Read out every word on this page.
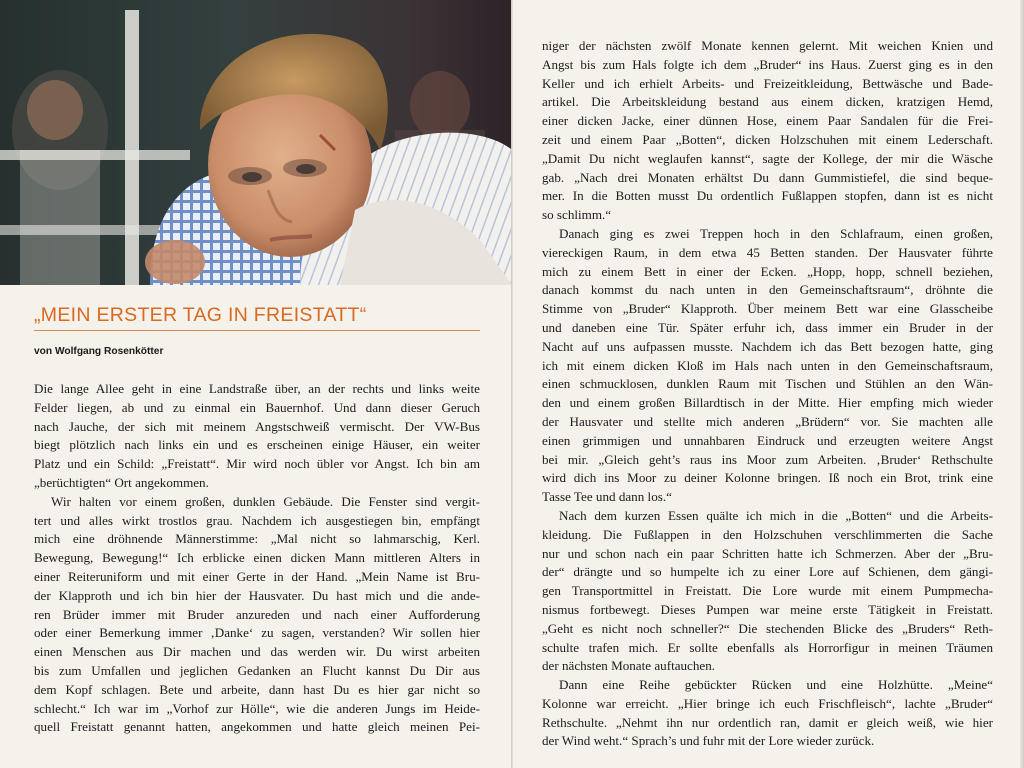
„MEIN ERSTER TAG IN FREISTATT“
von Wolfgang Rosenkötter
Die lange Allee geht in eine Landstraße über, an der rechts und links weite
Felder liegen, ab und zu einmal ein Bauernhof. Und dann dieser Geruch
nach Jauche, der sich mit meinem Angstschweiß vermischt. Der VW-Bus
biegt plötzlich nach links ein und es erscheinen einige Häuser, ein weiter
Platz und ein Schild: „Freistatt“. Mir wird noch übler vor Angst. Ich bin am
„berüchtigten“ Ort angekommen.
Wir halten vor einem großen, dunklen Gebäude. Die Fenster sind vergit-
tert und alles wirkt trostlos grau. Nachdem ich ausgestiegen bin, empfängt
mich eine dröhnende Männerstimme: „Mal nicht so lahmarschig, Kerl.
Bewegung, Bewegung!“ Ich erblicke einen dicken Mann mittleren Alters in
einer Reiteruniform und mit einer Gerte in der Hand. „Mein Name ist Bru-
der Klapproth und ich bin hier der Hausvater. Du hast mich und die ande-
ren Brüder immer mit Bruder anzureden und nach einer Aufforderung
oder einer Bemerkung immer ‚Danke‘ zu sagen, verstanden? Wir sollen hier
einen Menschen aus Dir machen und das werden wir. Du wirst arbeiten
bis zum Umfallen und jeglichen Gedanken an Flucht kannst Du Dir aus
dem Kopf schlagen. Bete und arbeite, dann hast Du es hier gar nicht so
schlecht.“ Ich war im „Vorhof zur Hölle“, wie die anderen Jungs im Heide-
quell Freistatt genannt hatten, angekommen und hatte gleich meinen Pei-
niger der nächsten zwölf Monate kennen gelernt. Mit weichen Knien und
Angst bis zum Hals folgte ich dem „Bruder“ ins Haus. Zuerst ging es in den
Keller und ich erhielt Arbeits- und Freizeitkleidung, Bettwäsche und Bade-
artikel. Die Arbeitskleidung bestand aus einem dicken, kratzigen Hemd,
einer dicken Jacke, einer dünnen Hose, einem Paar Sandalen für die Frei-
zeit und einem Paar „Botten“, dicken Holzschuhen mit einem Lederschaft.
„Damit Du nicht weglaufen kannst“, sagte der Kollege, der mir die Wäsche
gab. „Nach drei Monaten erhältst Du dann Gummistiefel, die sind beque-
mer. In die Botten musst Du ordentlich Fußlappen stopfen, dann ist es nicht
so schlimm.“
Danach ging es zwei Treppen hoch in den Schlafraum, einen großen,
viereckigen Raum, in dem etwa 45 Betten standen. Der Hausvater führte
mich zu einem Bett in einer der Ecken. „Hopp, hopp, schnell beziehen,
danach kommst du nach unten in den Gemeinschaftsraum“, dröhnte die
Stimme von „Bruder“ Klapproth. Über meinem Bett war eine Glasscheibe
und daneben eine Tür. Später erfuhr ich, dass immer ein Bruder in der
Nacht auf uns aufpassen musste. Nachdem ich das Bett bezogen hatte, ging
ich mit einem dicken Kloß im Hals nach unten in den Gemeinschaftsraum,
einen schmucklosen, dunklen Raum mit Tischen und Stühlen an den Wän-
den und einem großen Billardtisch in der Mitte. Hier empfing mich wieder
der Hausvater und stellte mich anderen „Brüdern“ vor. Sie machten alle
einen grimmigen und unnahbaren Eindruck und erzeugten weitere Angst
bei mir. „Gleich geht’s raus ins Moor zum Arbeiten. ‚Bruder‘ Rethschulte
wird dich ins Moor zu deiner Kolonne bringen. Iß noch ein Brot, trink eine
Tasse Tee und dann los.“
Nach dem kurzen Essen quälte ich mich in die „Botten“ und die Arbeits-
kleidung. Die Fußlappen in den Holzschuhen verschlimmerten die Sache
nur und schon nach ein paar Schritten hatte ich Schmerzen. Aber der „Bru-
der“ drängte und so humpelte ich zu einer Lore auf Schienen, dem gängi-
gen Transportmittel in Freistatt. Die Lore wurde mit einem Pumpmecha-
nismus fortbewegt. Dieses Pumpen war meine erste Tätigkeit in Freistatt.
„Geht es nicht noch schneller?“ Die stechenden Blicke des „Bruders“ Reth-
schulte trafen mich. Er sollte ebenfalls als Horrorfigur in meinen Träumen
der nächsten Monate auftauchen.
Dann eine Reihe gebückter Rücken und eine Holzhütte. „Meine“
Kolonne war erreicht. „Hier bringe ich euch Frischfleisch“, lachte „Bruder“
Rethschulte. „Nehmt ihn nur ordentlich ran, damit er gleich weiß, wie hier
der Wind weht.“ Sprach’s und fuhr mit der Lore wieder zurück.
